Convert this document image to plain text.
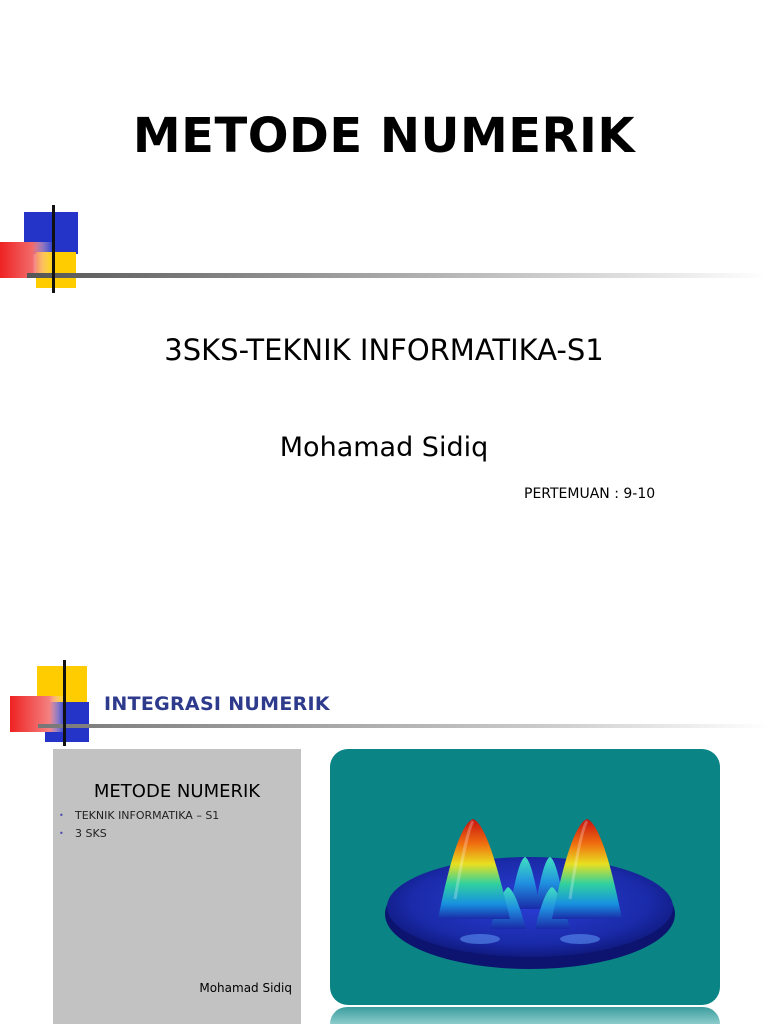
METODE NUMERIK
3SKS-TEKNIK INFORMATIKA-S1
Mohamad Sidiq
PERTEMUAN : 9-10
INTEGRASI NUMERIK
METODE NUMERIK
• TEKNIK INFORMATIKA – S1
• 3 SKS
Mohamad Sidiq
